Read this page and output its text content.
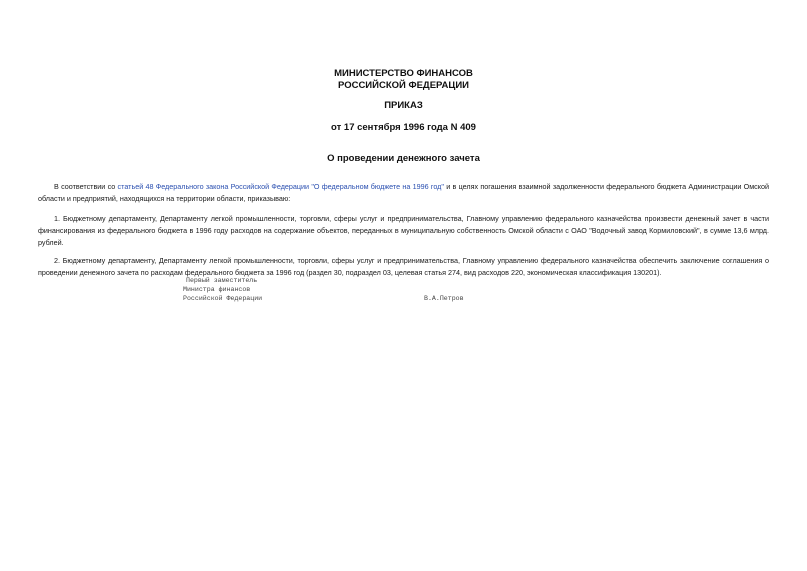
МИНИСТЕРСТВО ФИНАНСОВ
РОССИЙСКОЙ ФЕДЕРАЦИИ
ПРИКАЗ
от 17 сентября 1996 года N 409
О проведении денежного зачета
В соответствии со статьей 48 Федерального закона Российской Федерации "О федеральном бюджете на 1996 год" и в целях погашения взаимной задолженности федерального бюджета Администрации Омской области и предприятий, находящихся на территории области, приказываю:
1. Бюджетному департаменту, Департаменту легкой промышленности, торговли, сферы услуг и предпринимательства, Главному управлению федерального казначейства произвести денежный зачет в части финансирования из федерального бюджета в 1996 году расходов на содержание объектов, переданных в муниципальную собственность Омской области с ОАО "Водочный завод Кормиловский", в сумме 13,6 млрд. рублей.
2. Бюджетному департаменту, Департаменту легкой промышленности, торговли, сферы услуг и предпринимательства, Главному управлению федерального казначейства обеспечить заключение соглашения о проведении денежного зачета по расходам федерального бюджета за 1996 год (раздел 30, подраздел 03, целевая статья 274, вид расходов 220, экономическая классификация 130201).
Первый заместитель
Министра финансов
Российской Федерации	В.А.Петров
